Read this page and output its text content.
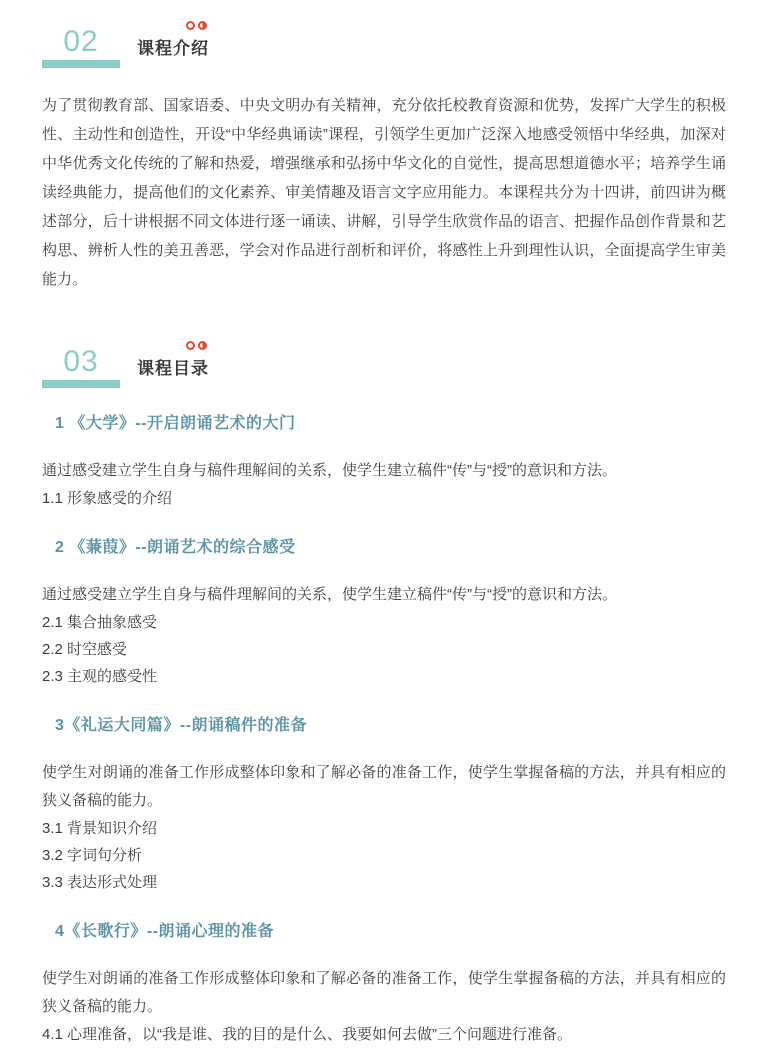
02 课程介绍

为了贯彻教育部、国家语委、中央文明办有关精神，充分依托校教育资源和优势，发挥广大学生的积极性、主动性和创造性，开设“中华经典诵读”课程，引领学生更加广泛深入地感受领悟中华经典，加深对中华优秀文化传统的了解和热爱，增强继承和弘扬中华文化的自觉性，提高思想道德水平；培养学生诵读经典能力，提高他们的文化素养、审美情趣及语言文字应用能力。本课程共分为十四讲，前四讲为概述部分，后十讲根据不同文体进行逐一诵读、讲解，引导学生欣赏作品的语言、把握作品创作背景和艺构思、辨析人性的美丑善恶，学会对作品进行剖析和评价，将感性上升到理性认识，全面提高学生审美能力。

03 课程目录
1 《大学》--开启朗诵艺术的大门

通过感受建立学生自身与稿件理解间的关系，使学生建立稿件“传”与“授”的意识和方法。

1.1 形象感受的介绍
2 《蒹葭》--朗诵艺术的综合感受

通过感受建立学生自身与稿件理解间的关系，使学生建立稿件“传”与“授”的意识和方法。

2.1 集合抽象感受
2.2 时空感受
2.3 主观的感受性
3《礼运大同篇》--朗诵稿件的准备

使学生对朗诵的准备工作形成整体印象和了解必备的准备工作，使学生掌握备稿的方法，并具有相应的狭义备稿的能力。

3.1 背景知识介绍
3.2 字词句分析
3.3 表达形式处理
4《长歌行》--朗诵心理的准备

使学生对朗诵的准备工作形成整体印象和了解必备的准备工作，使学生掌握备稿的方法，并具有相应的狭义备稿的能力。

4.1 心理准备，以“我是谁、我的目的是什么、我要如何去做”三个问题进行准备。
